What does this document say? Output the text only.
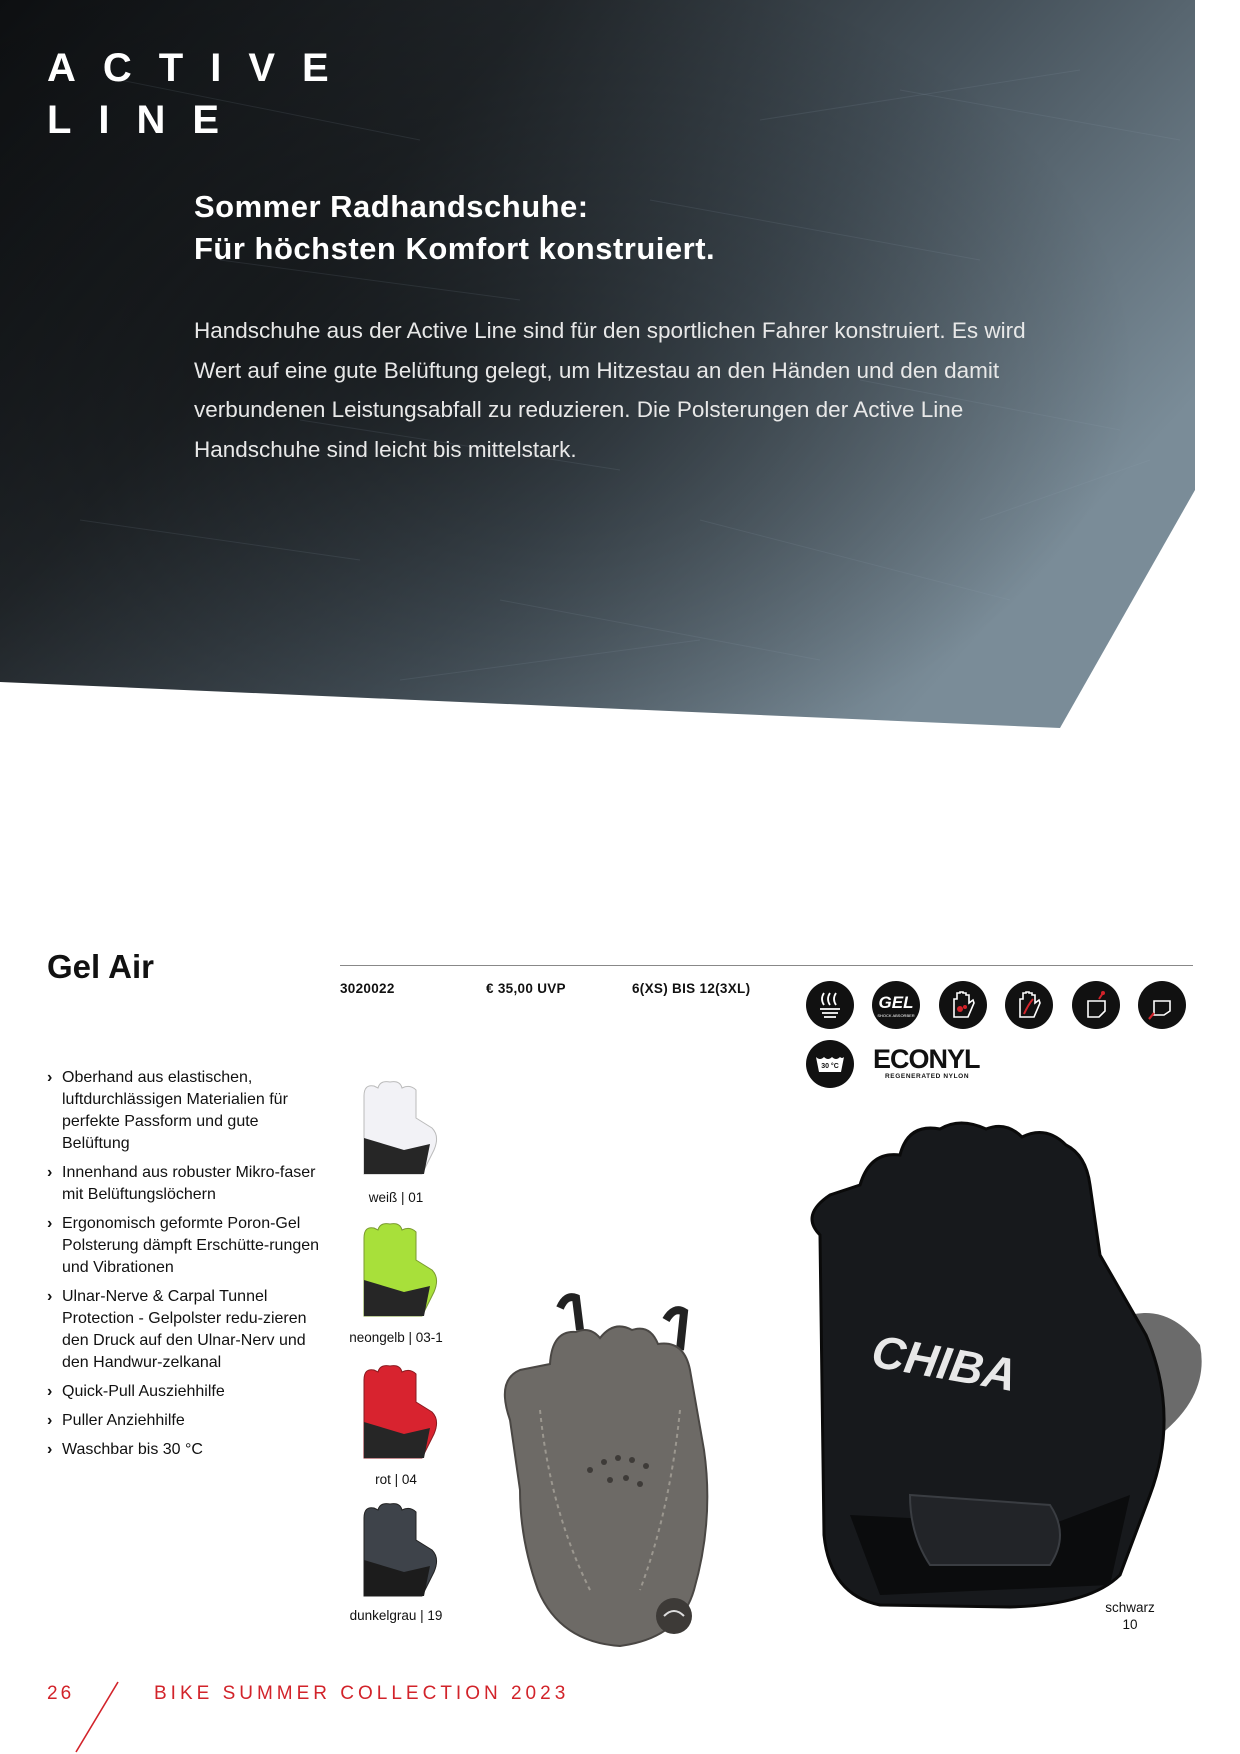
ACTIVE
LINE
Sommer Radhandschuhe:
Für höchsten Komfort konstruiert.
Handschuhe aus der Active Line sind für den sportlichen Fahrer konstruiert. Es wird Wert auf eine gute Belüftung gelegt, um Hitzestau an den Händen und den damit verbundenen Leistungsabfall zu reduzieren. Die Polsterungen der Active Line Handschuhe sind leicht bis mittelstark.
Gel Air
3020022	€ 35,00 UVP	6(XS) BIS 12(3XL)
› Oberhand aus elastischen, luftdurchlässigen Materialien für perfekte Passform und gute Belüftung
› Innenhand aus robuster Mikro-faser mit Belüftungslöchern
› Ergonomisch geformte Poron-Gel Polsterung dämpft Erschütte-rungen und Vibrationen
› Ulnar-Nerve & Carpal Tunnel Protection - Gelpolster redu-zieren den Druck auf den Ulnar-Nerv und den Handwur-zelkanal
› Quick-Pull Ausziehhilfe
› Puller Anziehhilfe
› Waschbar bis 30 °C
GEL
SHOCK ABSORBER
30 °C ECONYL
REGENERATED NYLON
weiß | 01
neongelb | 03-1
rot | 04
dunkelgrau | 19
CHIBA
schwarz
10
26	BIKE SUMMER COLLECTION 2023
